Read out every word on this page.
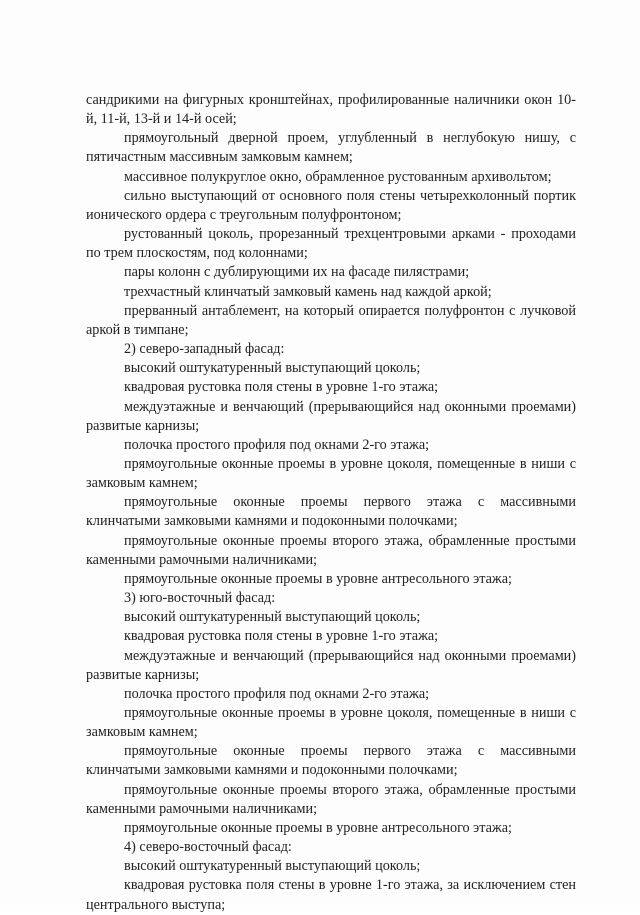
сандрикими на фигурных кронштейнах, профилированные наличники окон 10-й, 11-й, 13-й и 14-й осей;

прямоугольный дверной проем, углубленный в неглубокую нишу, с пятичастным массивным замковым камнем;

массивное полукруглое окно, обрамленное рустованным архивольтом;

сильно выступающий от основного поля стены четырехколонный портик ионического ордера с треугольным полуфронтоном;

рустованный цоколь, прорезанный трехцентровыми арками - проходами по трем плоскостям, под колоннами;

пары колонн с дублирующими их на фасаде пилястрами;

трехчастный клинчатый замковый камень над каждой аркой;

прерванный антаблемент, на который опирается полуфронтон с лучковой аркой в тимпане;

2) северо-западный фасад:

высокий оштукатуренный выступающий цоколь;

квадровая рустовка поля стены в уровне 1-го этажа;

междуэтажные и венчающий (прерывающийся над оконными проемами) развитые карнизы;

полочка простого профиля под окнами 2-го этажа;

прямоугольные оконные проемы в уровне цоколя, помещенные в ниши с замковым камнем;

прямоугольные оконные проемы первого этажа с массивными клинчатыми замковыми камнями и подоконными полочками;

прямоугольные оконные проемы второго этажа, обрамленные простыми каменными рамочными наличниками;

прямоугольные оконные проемы в уровне антресольного этажа;

3) юго-восточный фасад:

высокий оштукатуренный выступающий цоколь;

квадровая рустовка поля стены в уровне 1-го этажа;

междуэтажные и венчающий (прерывающийся над оконными проемами) развитые карнизы;

полочка простого профиля под окнами 2-го этажа;

прямоугольные оконные проемы в уровне цоколя, помещенные в ниши с замковым камнем;

прямоугольные оконные проемы первого этажа с массивными клинчатыми замковыми камнями и подоконными полочками;

прямоугольные оконные проемы второго этажа, обрамленные простыми каменными рамочными наличниками;

прямоугольные оконные проемы в уровне антресольного этажа;

4) северо-восточный фасад:

высокий оштукатуренный выступающий цоколь;

квадровая рустовка поля стены в уровне 1-го этажа, за исключением стен центрального выступа;
